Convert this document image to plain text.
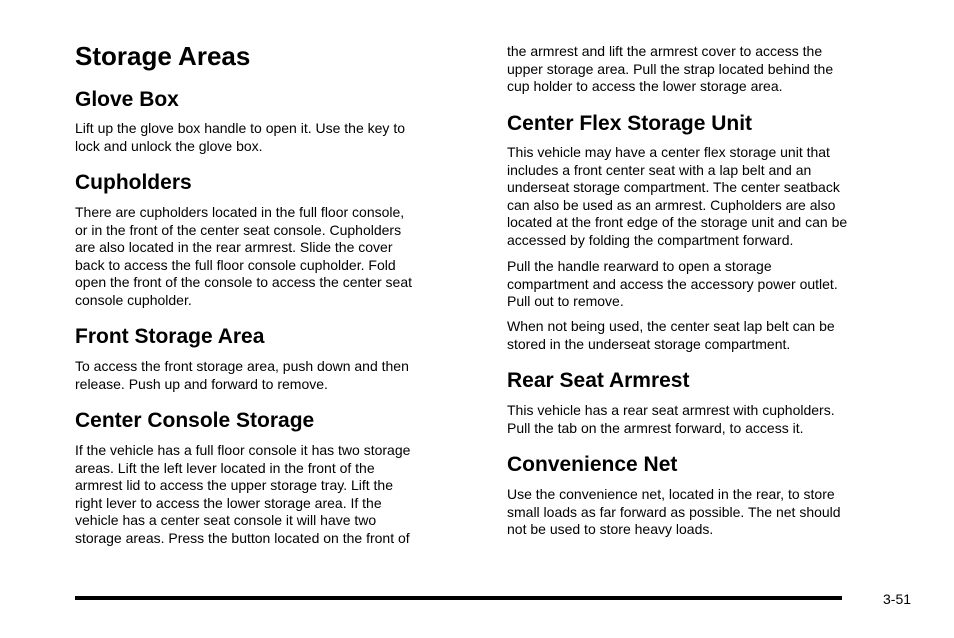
Storage Areas
Glove Box

Lift up the glove box handle to open it. Use the key to
lock and unlock the glove box.

Cupholders

There are cupholders located in the full floor console,
or in the front of the center seat console. Cupholders
are also located in the rear armrest. Slide the cover
back to access the full floor console cupholder. Fold
open the front of the console to access the center seat
console cupholder.

Front Storage Area

To access the front storage area, push down and then
release. Push up and forward to remove.

Center Console Storage

If the vehicle has a full floor console it has two storage
areas. Lift the left lever located in the front of the
armrest lid to access the upper storage tray. Lift the
right lever to access the lower storage area. If the
vehicle has a center seat console it will have two
storage areas. Press the button located on the front of

the armrest and lift the armrest cover to access the
upper storage area. Pull the strap located behind the
cup holder to access the lower storage area.

Center Flex Storage Unit

This vehicle may have a center flex storage unit that
includes a front center seat with a lap belt and an
underseat storage compartment. The center seatback
can also be used as an armrest. Cupholders are also
located at the front edge of the storage unit and can be
accessed by folding the compartment forward.

Pull the handle rearward to open a storage
compartment and access the accessory power outlet.
Pull out to remove.

When not being used, the center seat lap belt can be
stored in the underseat storage compartment.

Rear Seat Armrest

This vehicle has a rear seat armrest with cupholders.
Pull the tab on the armrest forward, to access it.

Convenience Net

Use the convenience net, located in the rear, to store
small loads as far forward as possible. The net should
not be used to store heavy loads.

3-51
